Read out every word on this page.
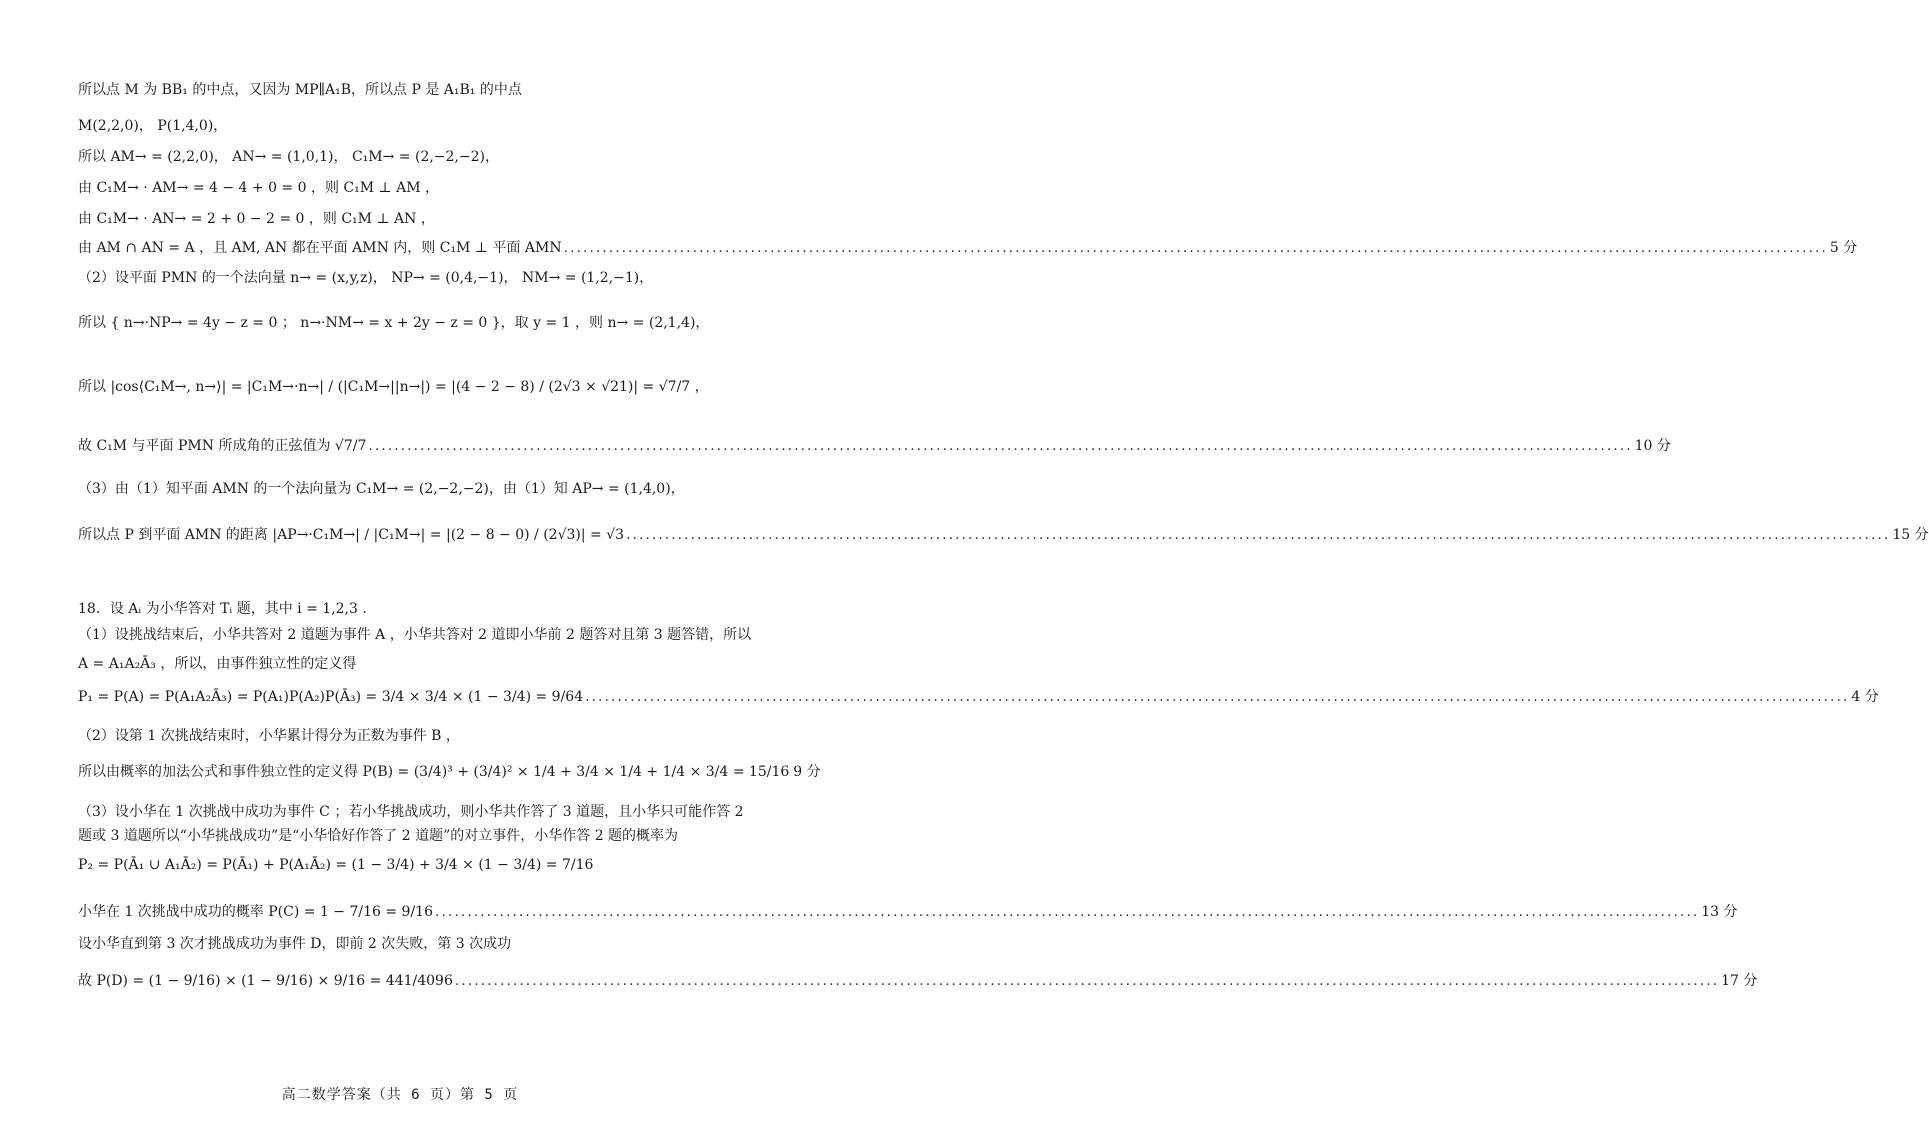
所以点 M 为 BB₁ 的中点，又因为 MP∥A₁B，所以点 P 是 A₁B₁ 的中点
M(2,2,0)， P(1,4,0)，
所以 AM→ = (2,2,0)， AN→ = (1,0,1)， C₁M→ = (2,−2,−2)，
由 C₁M→ · AM→ = 4 − 4 + 0 = 0 ，则 C₁M ⊥ AM ，
由 C₁M→ · AN→ = 2 + 0 − 2 = 0 ，则 C₁M ⊥ AN ，
由 AM ∩ AN = A ，且 AM, AN 都在平面 AMN 内，则 C₁M ⊥ 平面 AMN .....	5 分
（2）设平面 PMN 的一个法向量 n→ = (x,y,z)， NP→ = (0,4,−1)， NM→ = (1,2,−1)，
所以 { n→·NP→ = 4y − z = 0 ； n→·NM→ = x + 2y − z = 0 }，取 y = 1 ，则 n→ = (2,1,4)，
所以 |cos⟨C₁M→, n→⟩| = |C₁M→·n→| / (|C₁M→||n→|) = |(4 − 2 − 8) / (2√3 × √21)| = √7/7 ，
故 C₁M 与平面 PMN 所成角的正弦值为 √7/7 .....	10 分
（3）由（1）知平面 AMN 的一个法向量为 C₁M→ = (2,−2,−2)，由（1）知 AP→ = (1,4,0)，
所以点 P 到平面 AMN 的距离 |AP→·C₁M→| / |C₁M→| = |(2 − 8 − 0) / (2√3)| = √3 .....	15 分
18．设 Aᵢ 为小华答对 Tᵢ 题，其中 i = 1,2,3 .
（1）设挑战结束后，小华共答对 2 道题为事件 A ，小华共答对 2 道即小华前 2 题答对且第 3 题答错，所以
A = A₁A₂Ā₃ ，所以，由事件独立性的定义得
P₁ = P(A) = P(A₁A₂Ā₃) = P(A₁)P(A₂)P(Ā₃) = 3/4 × 3/4 × (1 − 3/4) = 9/64 .....	4 分
（2）设第 1 次挑战结束时，小华累计得分为正数为事件 B ，
所以由概率的加法公式和事件独立性的定义得 P(B) = (3/4)³ + (3/4)² × 1/4 + 3/4 × 1/4 + 1/4 × 3/4 = 15/16 9 分
（3）设小华在 1 次挑战中成功为事件 C ；若小华挑战成功，则小华共作答了 3 道题，且小华只可能作答 2
题或 3 道题所以“小华挑战成功”是“小华恰好作答了 2 道题”的对立事件，小华作答 2 题的概率为
P₂ = P(Ā₁ ∪ A₁Ā₂) = P(Ā₁) + P(A₁Ā₂) = (1 − 3/4) + 3/4 × (1 − 3/4) = 7/16
小华在 1 次挑战中成功的概率 P(C) = 1 − 7/16 = 9/16 .....	13 分
设小华直到第 3 次才挑战成功为事件 D，即前 2 次失败，第 3 次成功
故 P(D) = (1 − 9/16) × (1 − 9/16) × 9/16 = 441/4096 .....	17 分
高二数学答案（共 6 页）第 5 页
